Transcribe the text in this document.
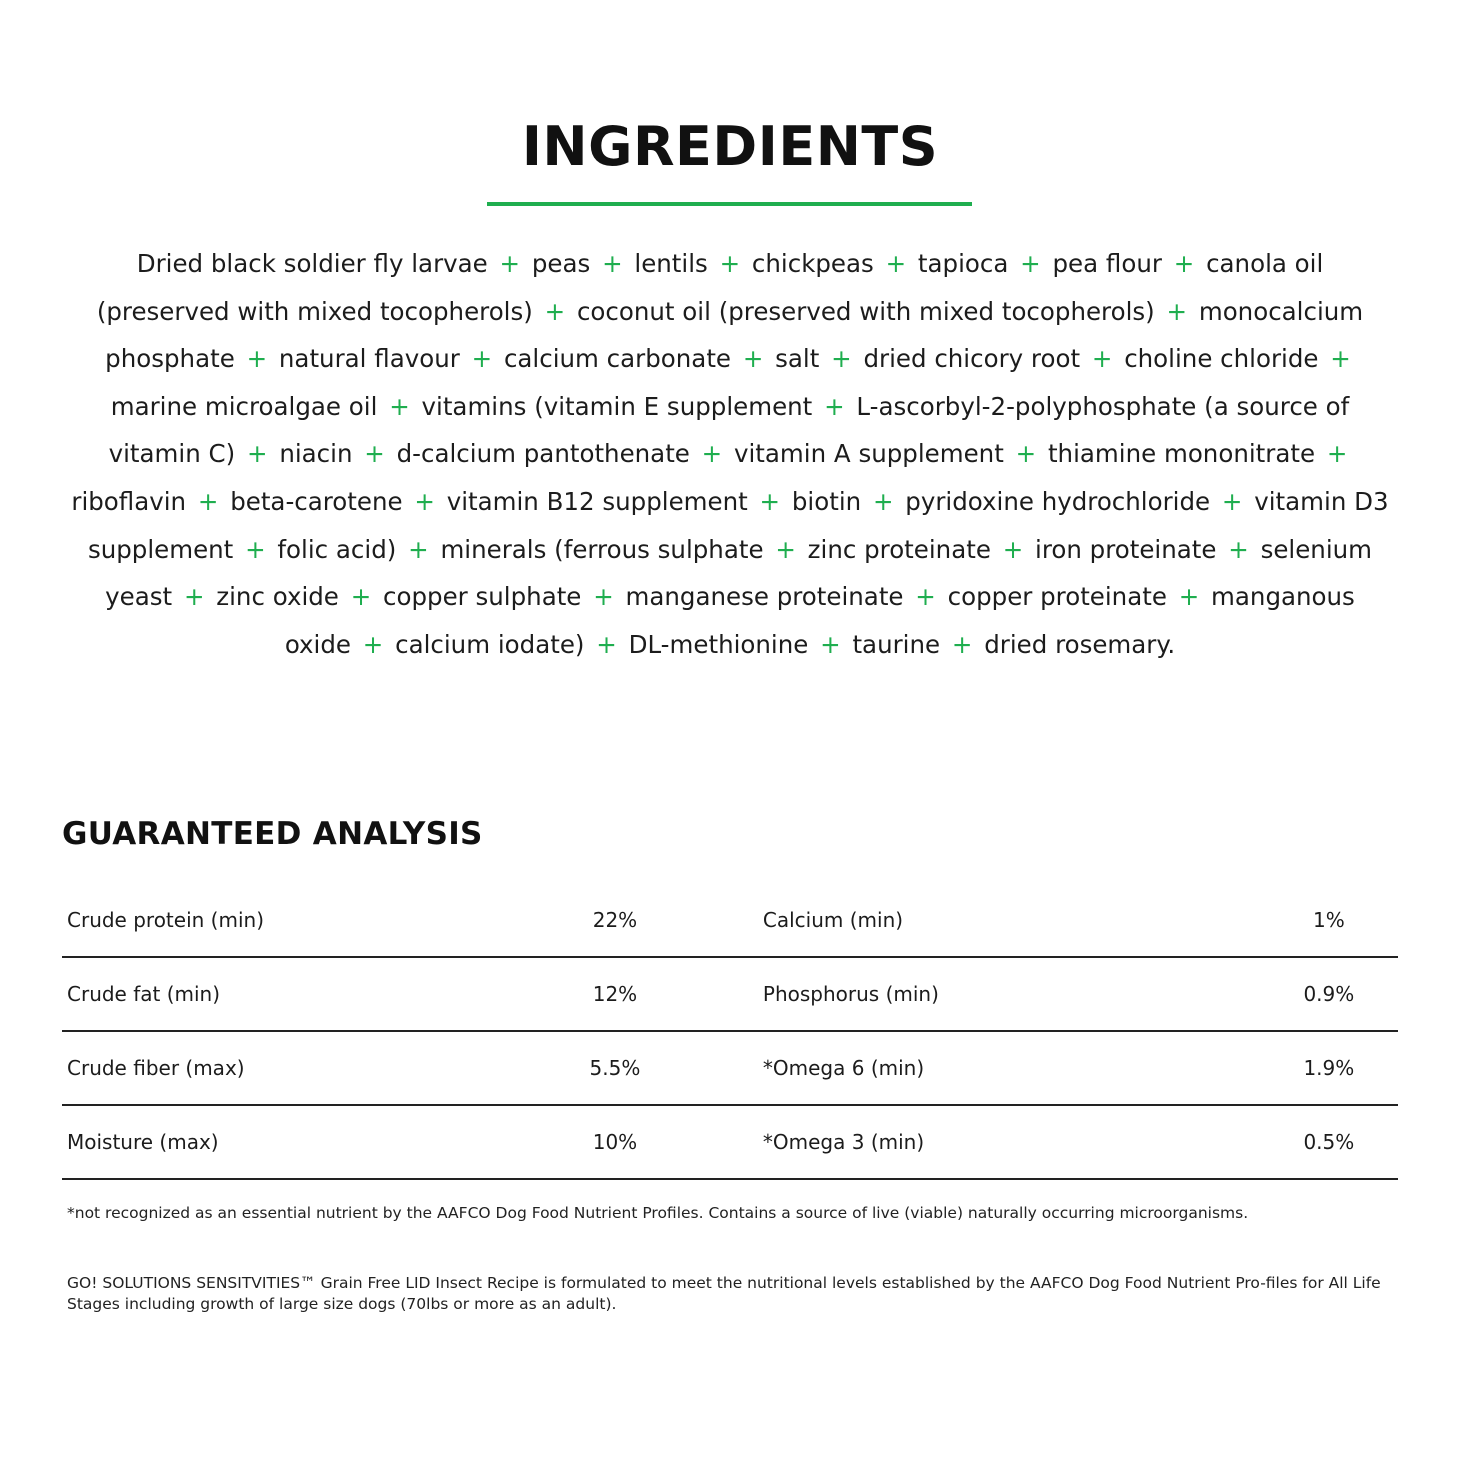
INGREDIENTS

Dried black soldier fly larvae + peas + lentils + chickpeas + tapioca + pea flour + canola oil (preserved with mixed tocopherols) + coconut oil (preserved with mixed tocopherols) + monocalcium phosphate + natural flavour + calcium carbonate + salt + dried chicory root + choline chloride + marine microalgae oil + vitamins (vitamin E supplement + L-ascorbyl-2-polyphosphate (a source of vitamin C) + niacin + d-calcium pantothenate + vitamin A supplement + thiamine mononitrate + riboflavin + beta-carotene + vitamin B12 supplement + biotin + pyridoxine hydrochloride + vitamin D3 supplement + folic acid) + minerals (ferrous sulphate + zinc proteinate + iron proteinate + selenium yeast + zinc oxide + copper sulphate + manganese proteinate + copper proteinate + manganous oxide + calcium iodate) + DL-methionine + taurine + dried rosemary.

GUARANTEED ANALYSIS
Crude protein (min)	22%		Calcium (min)	1%
Crude fat (min)	12%		Phosphorus (min)	0.9%
Crude fiber (max)	5.5%		*Omega 6 (min)	1.9%
Moisture (max)	10%		*Omega 3 (min)	0.5%

*not recognized as an essential nutrient by the AAFCO Dog Food Nutrient Profiles. Contains a source of live (viable) naturally occurring microorganisms.

GO! SOLUTIONS SENSITVITIES™ Grain Free LID Insect Recipe is formulated to meet the nutritional levels established by the AAFCO Dog Food Nutrient Pro-files for All Life Stages including growth of large size dogs (70lbs or more as an adult).
